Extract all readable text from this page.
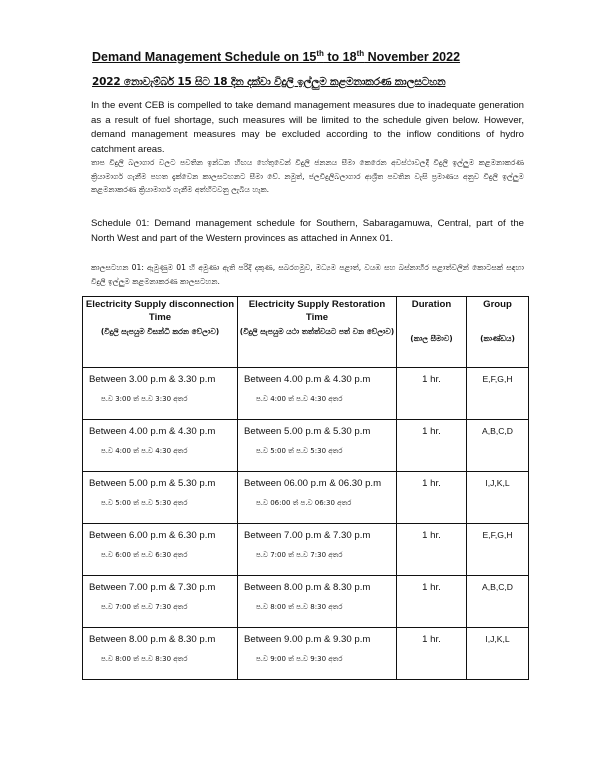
Demand Management Schedule on 15th to 18th November 2022
2022 නොවැම්බර් 15 සිට 18 දින දක්වා විදුලි ඉල්ලුම කළමනාකරණ කාලසටහන
In the event CEB is compelled to take demand management measures due to inadequate generation as a result of fuel shortage, such measures will be limited to the schedule given below. However, demand management measures may be excluded according to the inflow conditions of hydro catchment areas.
තාප විදුලි බලාගාර වලට පවතින ඉන්ධන හිඟය හේතුවෙන් විදුලි ජනනය සීමා කෙරෙන අවස්ථාවලදී විදුලි ඉල්ලුම කළමනාකරණ ක්‍රියාමාර්ග ගැනීම පහත දැක්වෙන කාලසටහනට සීමා වේ. නමුත්, ජලවිදුලිබලාගාර ආශ්‍රිත පවතින වැසි ප්‍රමාණය අනුව විදුලි ඉල්ලුම කළමනාකරණ ක්‍රියාමාර්ග ගැනීම අත්හිටවනු ලැබිය හැක.
Schedule 01: Demand management schedule for Southern, Sabaragamuwa, Central, part of the North West and part of the Western provinces as attached in Annex 01.
කාලසටහන 01: ඇමුණුම 01 හි අමුණා ඇති පරිදි දකුණ, සබරගමුව, මධ්‍යම පළාත්, වයඹ සහ බස්නාහිර පළාත්වලින් කොටසක් සඳහා විදුලි ඉල්ලුම කළමනාකරණ කාලසටහන.
Electricity Supply disconnection Time
(විදුලි සැපයුම විසන්ධි කරන වේලාව)	Electricity Supply Restoration Time
(විදුලි සැපයුම යථා තත්ත්වයට පත් වන වේලාව)	Duration
(කාල සීමාව)	Group
(කාණ්ඩය)

Between 3.00 p.m & 3.30 p.m
ප.ව 3:00 ත් ප.ව 3:30 අතර	Between 4.00 p.m & 4.30 p.m
ප.ව 4:00 ත් ප.ව 4:30 අතර	1 hr.	E,F,G,H

Between 4.00 p.m & 4.30 p.m
ප.ව 4:00 ත් ප.ව 4:30 අතර	Between 5.00 p.m & 5.30 p.m
ප.ව 5:00 ත් ප.ව 5:30 අතර	1 hr.	A,B,C,D

Between 5.00 p.m & 5.30 p.m
ප.ව 5:00 ත් ප.ව 5:30 අතර	Between 06.00 p.m & 06.30 p.m
ප.ව 06:00 ත් ප.ව 06:30 අතර	1 hr.	I,J,K,L

Between 6.00 p.m & 6.30 p.m
ප.ව 6:00 ත් ප.ව 6:30 අතර	Between 7.00 p.m & 7.30 p.m
ප.ව 7:00 ත් ප.ව 7:30 අතර	1 hr.	E,F,G,H

Between 7.00 p.m & 7.30 p.m
ප.ව 7:00 ත් ප.ව 7:30 අතර	Between 8.00 p.m & 8.30 p.m
ප.ව 8:00 ත් ප.ව 8:30 අතර	1 hr.	A,B,C,D

Between 8.00 p.m & 8.30 p.m
ප.ව 8:00 ත් ප.ව 8:30 අතර	Between 9.00 p.m & 9.30 p.m
ප.ව 9:00 ත් ප.ව 9:30 අතර	1 hr.	I,J,K,L
